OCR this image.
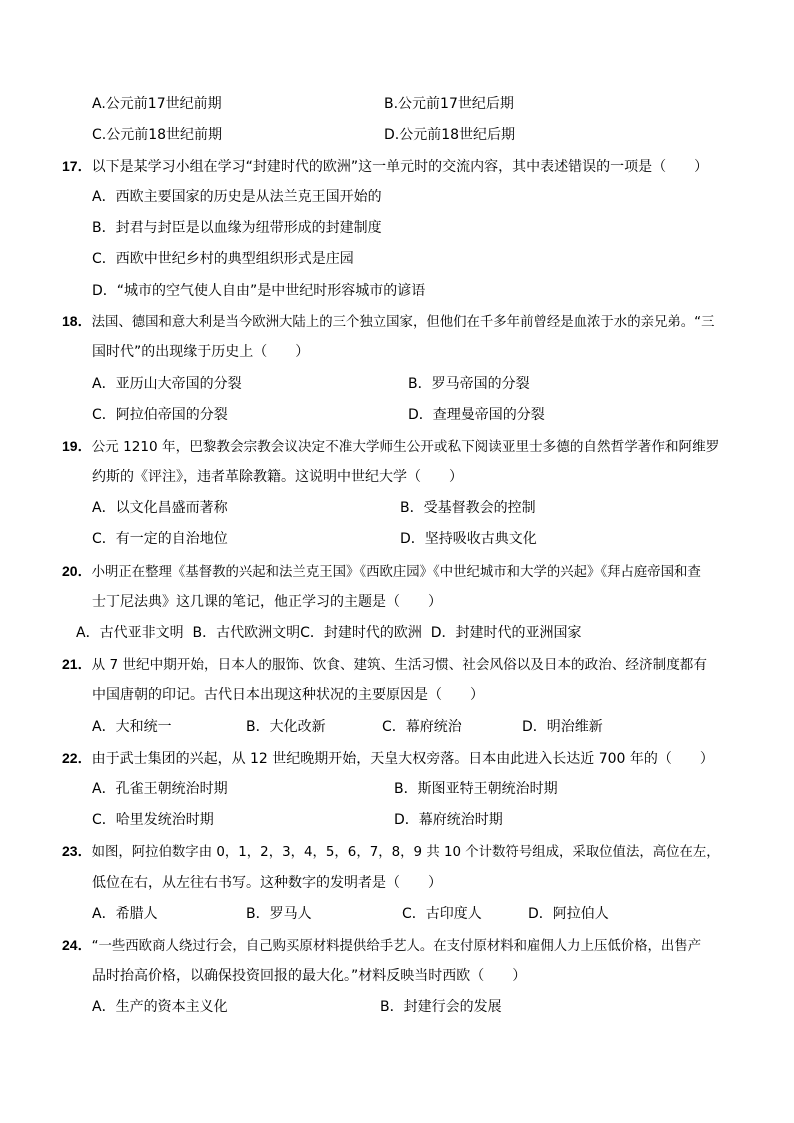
A.公元前17世纪前期	B.公元前17世纪后期
C.公元前18世纪前期	D.公元前18世纪后期
17．以下是某学习小组在学习“封建时代的欧洲”这一单元时的交流内容，其中表述错误的一项是（　　）
A．西欧主要国家的历史是从法兰克王国开始的
B．封君与封臣是以血缘为纽带形成的封建制度
C．西欧中世纪乡村的典型组织形式是庄园
D．“城市的空气使人自由”是中世纪时形容城市的谚语
18．法国、德国和意大利是当今欧洲大陆上的三个独立国家，但他们在千多年前曾经是血浓于水的亲兄弟。“三
国时代”的出现缘于历史上（　　）
A．亚历山大帝国的分裂	B．罗马帝国的分裂
C．阿拉伯帝国的分裂	D．查理曼帝国的分裂
19．公元 1210 年，巴黎教会宗教会议决定不准大学师生公开或私下阅读亚里士多德的自然哲学著作和阿维罗
约斯的《评注》，违者革除教籍。这说明中世纪大学（　　）
A．以文化昌盛而著称	B．受基督教会的控制
C．有一定的自治地位	D．坚持吸收古典文化
20．小明正在整理《基督教的兴起和法兰克王国》《西欧庄园》《中世纪城市和大学的兴起》《拜占庭帝国和查
士丁尼法典》这几课的笔记，他正学习的主题是（　　）
A．古代亚非文明 B．古代欧洲文明C．封建时代的欧洲 D．封建时代的亚洲国家
21．从 7 世纪中期开始，日本人的服饰、饮食、建筑、生活习惯、社会风俗以及日本的政治、经济制度都有
中国唐朝的印记。古代日本出现这种状况的主要原因是（　　）
A．大和统一	B．大化改新	C．幕府统治	D．明治维新
22．由于武士集团的兴起，从 12 世纪晚期开始，天皇大权旁落。日本由此进入长达近 700 年的（　　）
A．孔雀王朝统治时期	B．斯图亚特王朝统治时期
C．哈里发统治时期	D．幕府统治时期
23．如图，阿拉伯数字由 0，1，2，3，4，5，6，7，8，9 共 10 个计数符号组成，采取位值法，高位在左，
低位在右，从左往右书写。这种数字的发明者是（　　）
A．希腊人	B．罗马人	C．古印度人	D．阿拉伯人
24．“一些西欧商人绕过行会，自己购买原材料提供给手艺人。在支付原材料和雇佣人力上压低价格，出售产
品时抬高价格，以确保投资回报的最大化。”材料反映当时西欧（　　）
A．生产的资本主义化	B．封建行会的发展
